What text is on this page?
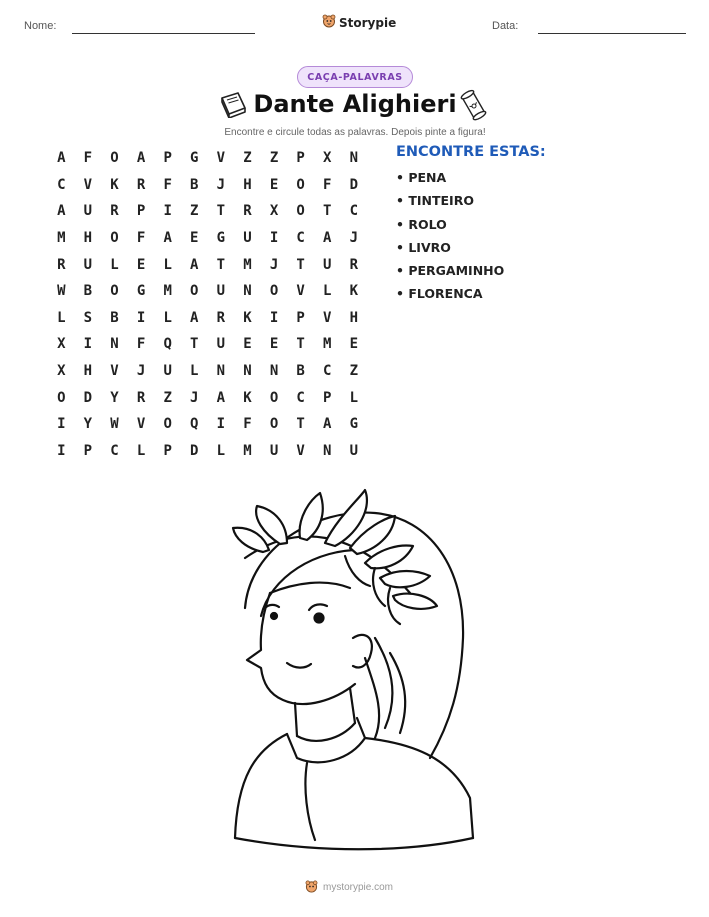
Nome:	Storypie	Data:
CAÇA-PALAVRAS
Dante Alighieri
Encontre e circule todas as palavras. Depois pinte a figura!
A	F	O	A	P	G	V	Z	Z	P	X	N
C	V	K	R	F	B	J	H	E	O	F	D
A	U	R	P	I	Z	T	R	X	O	T	C
M	H	O	F	A	E	G	U	I	C	A	J
R	U	L	E	L	A	T	M	J	T	U	R
W	B	O	G	M	O	U	N	O	V	L	K
L	S	B	I	L	A	R	K	I	P	V	H
X	I	N	F	Q	T	U	E	E	T	M	E
X	H	V	J	U	L	N	N	N	B	C	Z
O	D	Y	R	Z	J	A	K	O	C	P	L
I	Y	W	V	O	Q	I	F	O	T	A	G
I	P	C	L	P	D	L	M	U	V	N	U
ENCONTRE ESTAS:
• PENA
• TINTEIRO
• ROLO
• LIVRO
• PERGAMINHO
• FLORENCA
mystorypie.com
